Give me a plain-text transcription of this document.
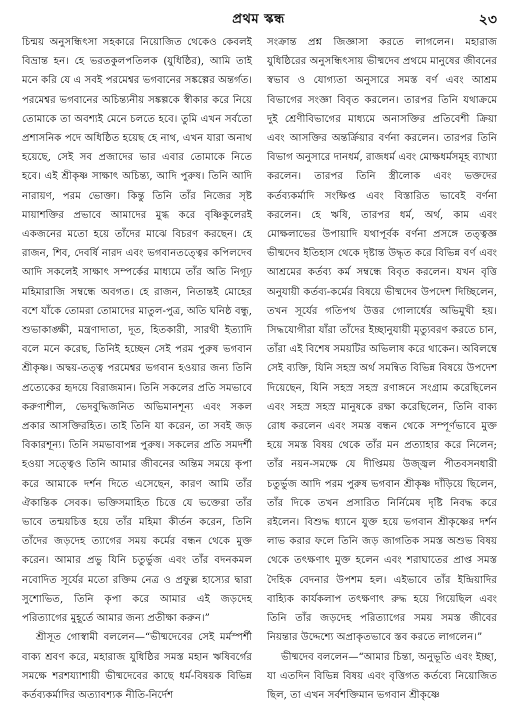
প্রথম স্কন্ধ	২৩

চিন্ময় অনুসন্ধিৎসা সহকারে নিয়োজিত থেকেও কেবলই বিভ্রান্ত হন। হে ভরতকুলপতিলক (যুধিষ্ঠির), আমি তাই মনে করি যে এ সবই পরমেশ্বর ভগবানের সঙ্কল্পের অন্তর্গত। পরমেশ্বর ভগবানের অচিন্ত্যনীয় সঙ্কল্পকে স্বীকার করে নিয়ে তোমাকে তা অবশ্যই মেনে চলতে হবে। তুমি এখন সর্বতো প্রশাসনিক পদে অধিষ্ঠিত হয়েছ হে নাথ, এখন যারা অনাথ হয়েছে, সেই সব প্রজাদের ভার এবার তোমাকে নিতে হবে। এই শ্রীকৃষ্ণ সাক্ষাৎ অচিন্ত্য, আদি পুরুষ। তিনি আদি নারায়ণ, পরম ভোক্তা। কিন্তু তিনি তাঁর নিজের সৃষ্ট মায়াশক্তির প্রভাবে আমাদের মুগ্ধ করে বৃষ্ণিকুলেরই একজনের মতো হয়ে তাঁদের মাঝে বিচরণ করছেন। হে রাজন, শিব, দেবর্ষি নারদ এবং ভগবানতত্ত্বের কপিলদেব আদি সকলেই সাক্ষাৎ সম্পর্কের মাধ্যমে তাঁর অতি নিগূঢ় মহিমারাজি সম্বন্ধে অবগত। হে রাজন, নিতান্তই মোহের বশে যাঁকে তোমরা তোমাদের মাতুল-পুত্র, অতি ঘনিষ্ঠ বন্ধু, শুভাকাঙ্ক্ষী, মন্ত্রণাদাতা, দূত, হিতকারী, সারথী ইত্যাদি বলে মনে করেছ, তিনিই হচ্ছেন সেই পরম পুরুষ ভগবান শ্রীকৃষ্ণ। অদ্বয়-তত্ত্ব পরমেশ্বর ভগবান হওয়ার জন্য তিনি প্রত্যেকের হৃদয়ে বিরাজমান। তিনি সকলের প্রতি সমভাবে করুণাশীল, ভেদবুদ্ধিজনিত অভিমানশূন্য এবং সকল প্রকার আসক্তিরহিত। তাই তিনি যা করেন, তা সবই জড় বিকারশূন্য। তিনি সমভাবাপন্ন পুরুষ। সকলের প্রতি সমদর্শী হওয়া সত্ত্বেও তিনি আমার জীবনের অন্তিম সময়ে কৃপা করে আমাকে দর্শন দিতে এসেছেন, কারণ আমি তাঁর ঐকান্তিক সেবক। ভক্তিসমাহিত চিত্তে যে ভক্তেরা তাঁর ভাবে তন্ময়চিত্ত হয়ে তাঁর মহিমা কীর্তন করেন, তিনি তাঁদের জড়দেহ ত্যাগের সময় কর্মের বন্ধন থেকে মুক্ত করেন। আমার প্রভু যিনি চতুর্ভুজ এবং তাঁর বদনকমল নবোদিত সূর্যের মতো রক্তিম নেত্র ও প্রফুল্ল হাস্যের দ্বারা সুশোভিত, তিনি কৃপা করে আমার এই জড়দেহ পরিত্যাগের মুহূর্তে আমার জন্য প্রতীক্ষা করুন।”

শ্রীসূত গোস্বামী বললেন—“ভীষ্মদেবের সেই মর্মস্পর্শী বাক্য শ্রবণ করে, মহারাজ যুধিষ্ঠির সমস্ত মহান ঋষিবর্গের সমক্ষে শরশয্যাশায়ী ভীষ্মদেবের কাছে ধর্ম-বিষয়ক বিভিন্ন কর্তব্যকর্মাদির অত্যাবশ্যক নীতি-নির্দেশ

সংক্রান্ত প্রশ্ন জিজ্ঞাসা করতে লাগলেন। মহারাজ যুধিষ্ঠিরের অনুসন্ধিৎসায় ভীষ্মদেব প্রথমে মানুষের জীবনের স্বভাব ও যোগ্যতা অনুসারে সমস্ত বর্ণ এবং আশ্রম বিভাগের সংজ্ঞা বিবৃত করলেন। তারপর তিনি যথাক্রমে দুই শ্রেণীবিভাগের মাধ্যমে অনাসক্তির প্রতিবেশী ক্রিয়া এবং আসক্তির অন্তর্ক্রিয়ার বর্ণনা করলেন। তারপর তিনি বিভাগ অনুসারে দানধর্ম, রাজধর্ম এবং মোক্ষধর্মসমূহ ব্যাখ্যা করলেন। তারপর তিনি স্ত্রীলোক এবং ভক্তদের কর্তব্যকর্মাদি সংক্ষিপ্ত এবং বিস্তারিত ভাবেই বর্ণনা করলেন। হে ঋষি, তারপর ধর্ম, অর্থ, কাম এবং মোক্ষলাভের উপায়াদি যথাপূর্বক বর্ণনা প্রসঙ্গে তত্ত্বজ্ঞ ভীষ্মদেব ইতিহাস থেকে দৃষ্টান্ত উদ্ধৃত করে বিভিন্ন বর্ণ এবং আশ্রমের কর্তব্য কর্ম সম্বন্ধে বিবৃত করলেন। যখন বৃত্তি অনুযায়ী কর্তব্য-কর্মের বিষয়ে ভীষ্মদেব উপদেশ দিচ্ছিলেন, তখন সূর্যের গতিপথ উত্তর গোলার্ধের অভিমুখী হয়। সিদ্ধযোগীরা যাঁরা তাঁদের ইচ্ছানুযায়ী মৃত্যুবরণ করতে চান, তাঁরা এই বিশেষ সময়টির অভিলাষ করে থাকেন। অবিলম্বে সেই ব্যক্তি, যিনি সহস্র অর্থ সমন্বিত বিভিন্ন বিষয়ে উপদেশ দিয়েছেন, যিনি সহস্র সহস্র রণাঙ্গনে সংগ্রাম করেছিলেন এবং সহস্র সহস্র মানুষকে রক্ষা করেছিলেন, তিনি বাক্য রোধ করলেন এবং সমস্ত বন্ধন থেকে সম্পূর্ণভাবে মুক্ত হয়ে সমস্ত বিষয় থেকে তাঁর মন প্রত্যাহার করে নিলেন; তাঁর নয়ন-সমক্ষে যে দীপ্তিময় উজ্জ্বল পীতবসনধারী চতুর্ভুজ আদি পরম পুরুষ ভগবান শ্রীকৃষ্ণ দাঁড়িয়ে ছিলেন, তাঁর দিকে তখন প্রসারিত নির্নিমেষ দৃষ্টি নিবদ্ধ করে রইলেন। বিশুদ্ধ ধ্যানে যুক্ত হয়ে ভগবান শ্রীকৃষ্ণের দর্শন লাভ করার ফলে তিনি জড় জাগতিক সমস্ত অশুভ বিষয় থেকে তৎক্ষণাৎ মুক্ত হলেন এবং শরাঘাতের প্রাপ্ত সমস্ত দৈহিক বেদনার উপশম হল। এইভাবে তাঁর ইন্দ্রিয়াদির বাহ্যিক কার্যকলাপ তৎক্ষণাৎ রুদ্ধ হয়ে গিয়েছিল এবং তিনি তাঁর জড়দেহ পরিত্যাগের সময় সমস্ত জীবের নিয়ন্তার উদ্দেশ্যে অপ্রাকৃতভাবে স্তব করতে লাগলেন।”

ভীষ্মদেব বললেন—“আমার চিন্তা, অনুভূতি এবং ইচ্ছা, যা এতদিন বিভিন্ন বিষয় এবং বৃত্তিগত কর্তব্যে নিয়োজিত ছিল, তা এখন সর্বশক্তিমান ভগবান শ্রীকৃষ্ণে
